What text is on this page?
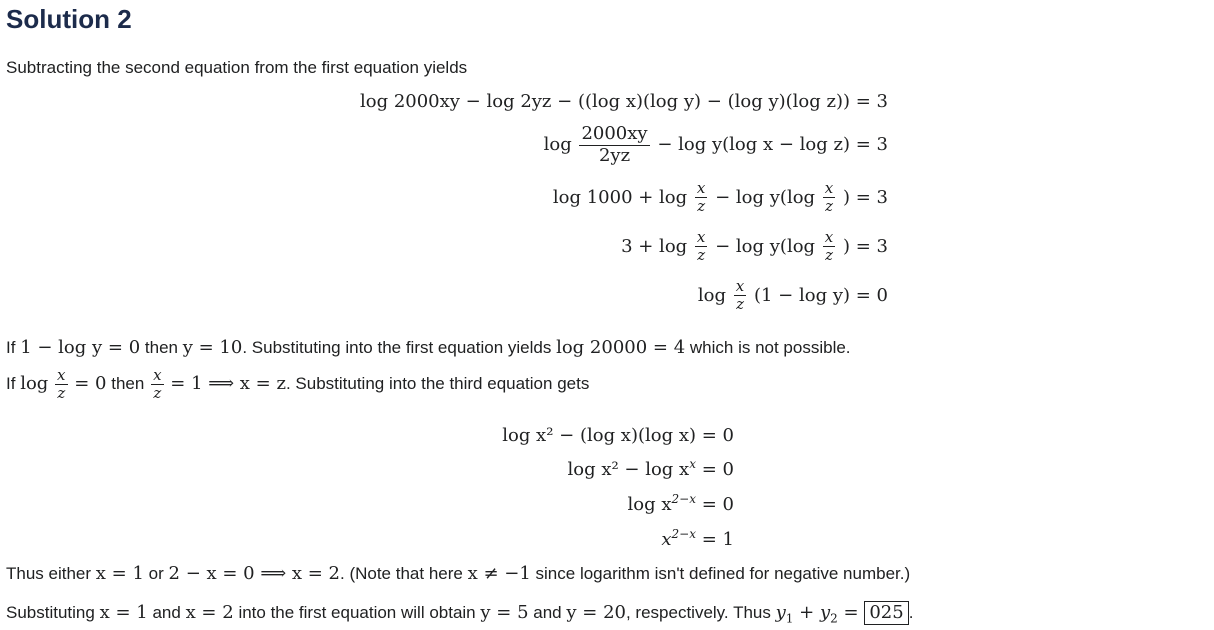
Solution 2
Subtracting the second equation from the first equation yields
log 2000xy − log 2yz − ((log x)(log y) − (log y)(log z)) = 3
$\log \frac{2000xy}{2yz} - \log y(\log$ x − log z) = 3
$\log 1000 + \log \frac{x}{z} - \log y(\log \frac{x}{z}$ ) = 3
$3 + \log \frac{x}{z} - \log y(\log \frac{x}{z}$ ) = 3
$\log \frac{x}{z} (1 - \log y) = 0$
If 1 − log y = 0 then y = 10. Substituting into the first equation yields log 20000 = 4 which is not possible.
If $\log \frac{x}{z} = 0$ then $\frac{x}{z} = 1$ ⟹ x = z. Substituting into the third equation gets
log x² − (log x)(log x) = 0
$\log x^2 - \log x^x = 0$
$\log x^{2-x} = 0$
$x^{2-x} = 1$
Thus either x = 1 or 2 − x = 0 ⟹ x = 2. (Note that here x ≠ −1 since logarithm isn't defined for negative number.)
Substituting x = 1 and x = 2 into the first equation will obtain y = 5 and y = 20, respectively. Thus $y_1 + y_2 = 025$ .
